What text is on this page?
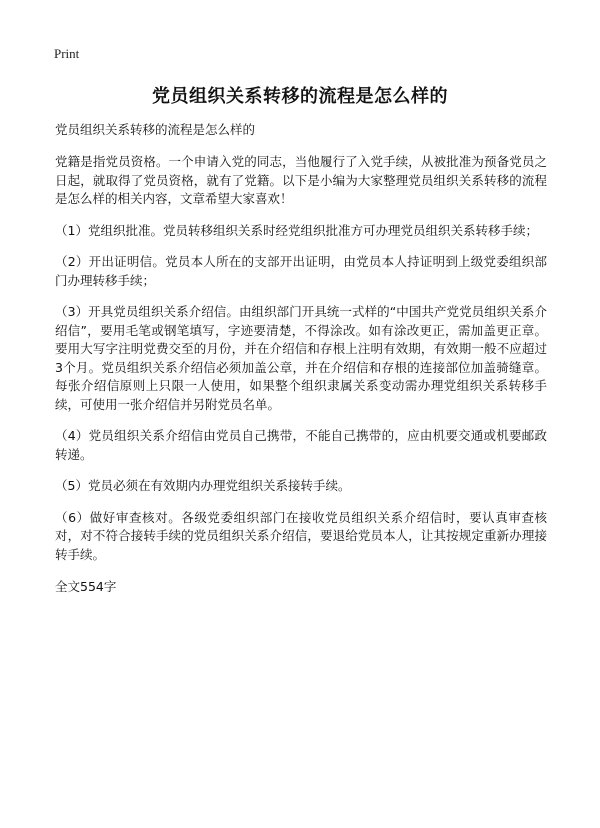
Print
党员组织关系转移的流程是怎么样的

党员组织关系转移的流程是怎么样的

党籍是指党员资格。一个申请入党的同志，当他履行了入党手续，从被批准为预备党员之日起，就取得了党员资格，就有了党籍。以下是小编为大家整理党员组织关系转移的流程是怎么样的相关内容，文章希望大家喜欢！

（1）党组织批准。党员转移组织关系时经党组织批准方可办理党员组织关系转移手续；

（2）开出证明信。党员本人所在的支部开出证明，由党员本人持证明到上级党委组织部门办理转移手续；

（3）开具党员组织关系介绍信。由组织部门开具统一式样的“中国共产党党员组织关系介绍信”，要用毛笔或钢笔填写，字迹要清楚，不得涂改。如有涂改更正，需加盖更正章。要用大写字注明党费交至的月份，并在介绍信和存根上注明有效期，有效期一般不应超过3个月。党员组织关系介绍信必须加盖公章，并在介绍信和存根的连接部位加盖骑缝章。每张介绍信原则上只限一人使用，如果整个组织隶属关系变动需办理党组织关系转移手续，可使用一张介绍信并另附党员名单。

（4）党员组织关系介绍信由党员自己携带，不能自己携带的，应由机要交通或机要邮政转递。

（5）党员必须在有效期内办理党组织关系接转手续。

（6）做好审查核对。各级党委组织部门在接收党员组织关系介绍信时，要认真审查核对，对不符合接转手续的党员组织关系介绍信，要退给党员本人，让其按规定重新办理接转手续。

全文554字
